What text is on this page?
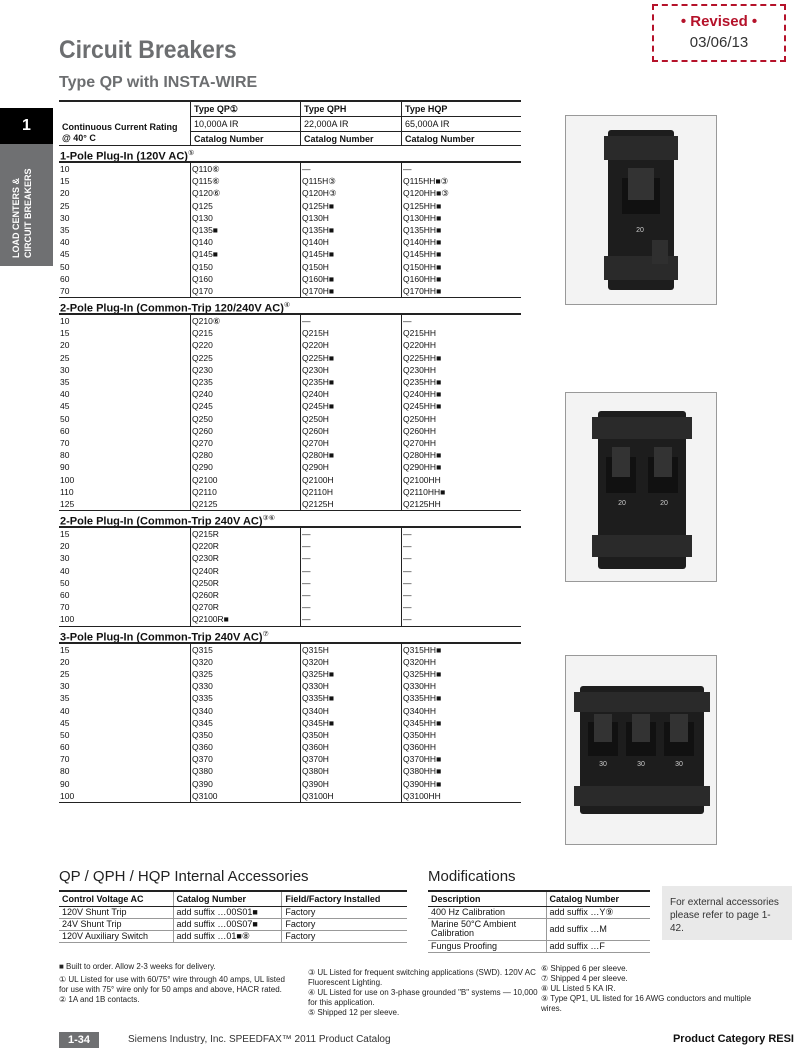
Circuit Breakers
Type QP with INSTA-WIRE
• Revised •
03/06/13
1
LOAD CENTERS & CIRCUIT BREAKERS
Continuous Current Rating @ 40° C
Type QP①
10,000A IR
Catalog Number
Type QPH
22,000A IR
Catalog Number
Type HQP
65,000A IR
Catalog Number
1-Pole Plug-In (120V AC)⑤
10	Q110⑥	—	—
15	Q115⑥	Q115H③	Q115HH■③
20	Q120⑥	Q120H③	Q120HH■③
25	Q125	Q125H■	Q125HH■
30	Q130	Q130H	Q130HH■
35	Q135■	Q135H■	Q135HH■
40	Q140	Q140H	Q140HH■
45	Q145■	Q145H■	Q145HH■
50	Q150	Q150H	Q150HH■
60	Q160	Q160H■	Q160HH■
70	Q170	Q170H■	Q170HH■
2-Pole Plug-In (Common-Trip 120/240V AC)④
10	Q210⑥	—	—
15	Q215	Q215H	Q215HH
20	Q220	Q220H	Q220HH
25	Q225	Q225H■	Q225HH■
30	Q230	Q230H	Q230HH
35	Q235	Q235H■	Q235HH■
40	Q240	Q240H	Q240HH■
45	Q245	Q245H■	Q245HH■
50	Q250	Q250H	Q250HH
60	Q260	Q260H	Q260HH
70	Q270	Q270H	Q270HH
80	Q280	Q280H■	Q280HH■
90	Q290	Q290H	Q290HH■
100	Q2100	Q2100H	Q2100HH
110	Q2110	Q2110H	Q2110HH■
125	Q2125	Q2125H	Q2125HH
2-Pole Plug-In (Common-Trip 240V AC)③⑥
15	Q215R	—	—
20	Q220R	—	—
30	Q230R	—	—
40	Q240R	—	—
50	Q250R	—	—
60	Q260R	—	—
70	Q270R	—	—
100	Q2100R■	—	—
3-Pole Plug-In (Common-Trip 240V AC)⑦
15	Q315	Q315H	Q315HH■
20	Q320	Q320H	Q320HH
25	Q325	Q325H■	Q325HH■
30	Q330	Q330H	Q330HH
35	Q335	Q335H■	Q335HH■
40	Q340	Q340H	Q340HH
45	Q345	Q345H■	Q345HH■
50	Q350	Q350H	Q350HH
60	Q360	Q360H	Q360HH
70	Q370	Q370H	Q370HH■
80	Q380	Q380H	Q380HH■
90	Q390	Q390H	Q390HH■
100	Q3100	Q3100H	Q3100HH
20
20	20
30	30	30
QP / QPH / HQP Internal Accessories
Control Voltage AC	Catalog Number	Field/Factory Installed
120V Shunt Trip	add suffix …00S01■	Factory
24V Shunt Trip	add suffix …00S07■	Factory
120V Auxiliary Switch	add suffix …01■⑧	Factory
Modifications
Description	Catalog Number
400 Hz Calibration	add suffix …Y⑨
Marine 50°C Ambient Calibration	add suffix …M
Fungus Proofing	add suffix …F
For external accessories please refer to page 1-42.
■ Built to order. Allow 2-3 weeks for delivery.
① UL Listed for use with 60/75° wire through 40 amps, UL listed for use with 75° wire only for 50 amps and above, HACR rated.
② 1A and 1B contacts.
③ UL Listed for frequent switching applications (SWD). 120V AC Fluorescent Lighting.
④ UL Listed for use on 3-phase grounded "B" systems — 10,000 for this application.
⑤ Shipped 12 per sleeve.
⑥ Shipped 6 per sleeve.
⑦ Shipped 4 per sleeve.
⑧ UL Listed 5 KA IR.
⑨ Type QP1, UL listed for 16 AWG conductors and multiple wires.
1-34	Siemens Industry, Inc. SPEEDFAX™ 2011 Product Catalog	Product Category RESI
